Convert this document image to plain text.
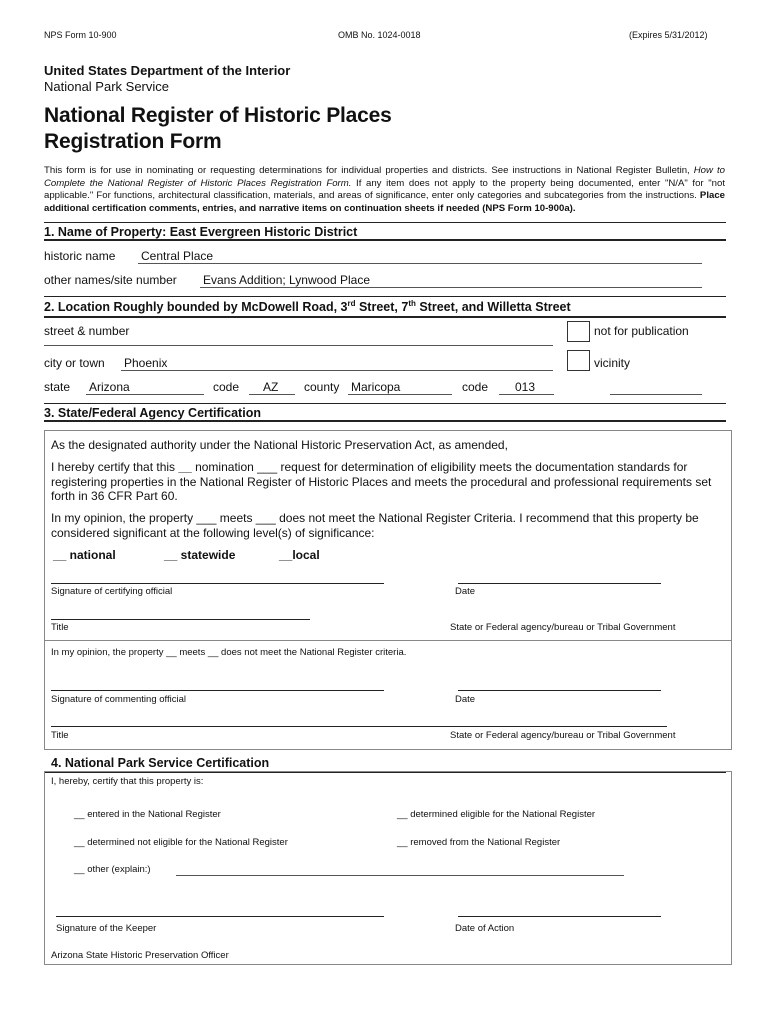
NPS Form 10-900	OMB No. 1024-0018	(Expires 5/31/2012)
United States Department of the Interior
National Park Service
National Register of Historic Places
Registration Form
This form is for use in nominating or requesting determinations for individual properties and districts. See instructions in National Register Bulletin, How to Complete the National Register of Historic Places Registration Form. If any item does not apply to the property being documented, enter "N/A" for "not applicable." For functions, architectural classification, materials, and areas of significance, enter only categories and subcategories from the instructions. Place additional certification comments, entries, and narrative items on continuation sheets if needed (NPS Form 10-900a).
1. Name of Property: East Evergreen Historic District
historic name Central Place
other names/site number Evans Addition; Lynwood Place
2. Location Roughly bounded by McDowell Road, 3rd Street, 7th Street, and Willetta Street
street & number	not for publication
city or town Phoenix	vicinity
state Arizona	code AZ county Maricopa	code 013
3. State/Federal Agency Certification
As the designated authority under the National Historic Preservation Act, as amended,
I hereby certify that this __ nomination ___ request for determination of eligibility meets the documentation standards for registering properties in the National Register of Historic Places and meets the procedural and professional requirements set forth in 36 CFR Part 60.
In my opinion, the property ___ meets ___ does not meet the National Register Criteria. I recommend that this property be considered significant at the following level(s) of significance:
__ national	__ statewide	__local
Signature of certifying official	Date
Title	State or Federal agency/bureau or Tribal Government
In my opinion, the property __ meets __ does not meet the National Register criteria.
Signature of commenting official	Date
Title	State or Federal agency/bureau or Tribal Government
4. National Park Service Certification
I, hereby, certify that this property is:
__ entered in the National Register	__ determined eligible for the National Register
__ determined not eligible for the National Register	__ removed from the National Register
__ other (explain:)
Signature of the Keeper	Date of Action
Arizona State Historic Preservation Officer
